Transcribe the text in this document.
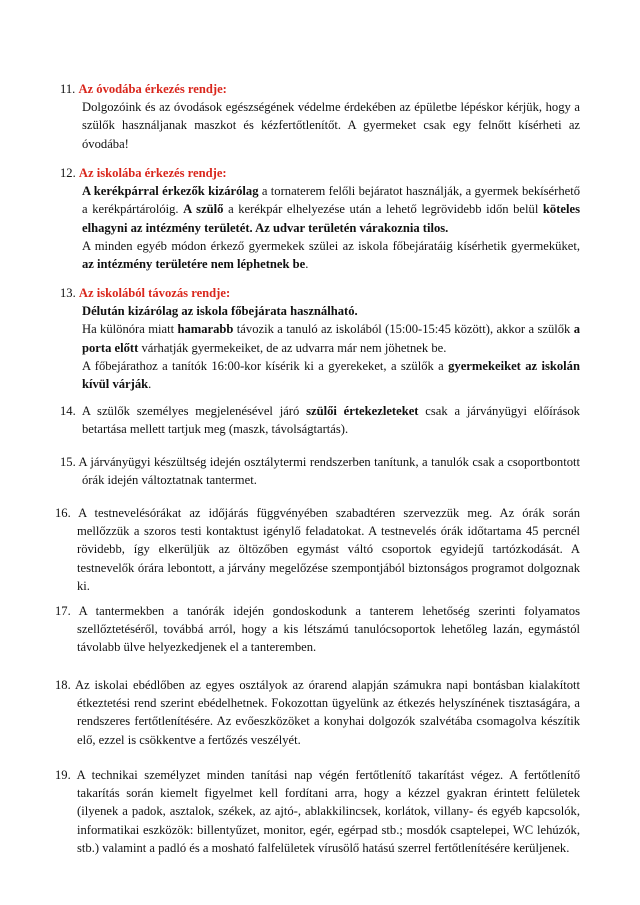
11. Az óvodába érkezés rendje:

Dolgozóink és az óvodások egészségének védelme érdekében az épületbe lépéskor kérjük, hogy a szülők használjanak maszkot és kézfertőtlenítőt. A gyermeket csak egy felnőtt kísérheti az óvodába!

12. Az iskolába érkezés rendje:

A kerékpárral érkezők kizárólag a tornaterem felőli bejáratot használják, a gyermek bekísérhető a kerékpártárolóig. A szülő a kerékpár elhelyezése után a lehető legrövidebb időn belül köteles elhagyni az intézmény területét. Az udvar területén várakoznia tilos.

A minden egyéb módon érkező gyermekek szülei az iskola főbejáratáig kísérhetik gyermeküket, az intézmény területére nem léphetnek be.

13. Az iskolából távozás rendje:

Délután kizárólag az iskola főbejárata használható.

Ha különóra miatt hamarabb távozik a tanuló az iskolából (15:00-15:45 között), akkor a szülők a porta előtt várhatják gyermekeiket, de az udvarra már nem jöhetnek be.

A főbejárathoz a tanítók 16:00-kor kísérik ki a gyerekeket, a szülők a gyermekeiket az iskolán kívül várják.

14. A szülők személyes megjelenésével járó szülői értekezleteket csak a járványügyi előírások betartása mellett tartjuk meg (maszk, távolságtartás).

15. A járványügyi készültség idején osztálytermi rendszerben tanítunk, a tanulók csak a csoportbontott órák idején változtatnak tantermet.

16. A testnevelésórákat az időjárás függvényében szabadtéren szervezzük meg. Az órák során mellőzzük a szoros testi kontaktust igénylő feladatokat. A testnevelés órák időtartama 45 percnél rövidebb, így elkerüljük az öltözőben egymást váltó csoportok egyidejű tartózkodását. A testnevelők órára lebontott, a járvány megelőzése szempontjából biztonságos programot dolgoznak ki.

17. A tantermekben a tanórák idején gondoskodunk a tanterem lehetőség szerinti folyamatos szellőztetéséről, továbbá arról, hogy a kis létszámú tanulócsoportok lehetőleg lazán, egymástól távolabb ülve helyezkedjenek el a tanteremben.

18. Az iskolai ebédlőben az egyes osztályok az órarend alapján számukra napi bontásban kialakított étkeztetési rend szerint ebédelhetnek. Fokozottan ügyelünk az étkezés helyszínének tisztaságára, a rendszeres fertőtlenítésére. Az evőeszközöket a konyhai dolgozók szalvétába csomagolva készítik elő, ezzel is csökkentve a fertőzés veszélyét.

19. A technikai személyzet minden tanítási nap végén fertőtlenítő takarítást végez. A fertőtlenítő takarítás során kiemelt figyelmet kell fordítani arra, hogy a kézzel gyakran érintett felületek (ilyenek a padok, asztalok, székek, az ajtó-, ablakkilincsek, korlátok, villany- és egyéb kapcsolók, informatikai eszközök: billentyűzet, monitor, egér, egérpad stb.; mosdók csaptelepei, WC lehúzók, stb.) valamint a padló és a mosható falfelületek vírusölő hatású szerrel fertőtlenítésére kerüljenek.
